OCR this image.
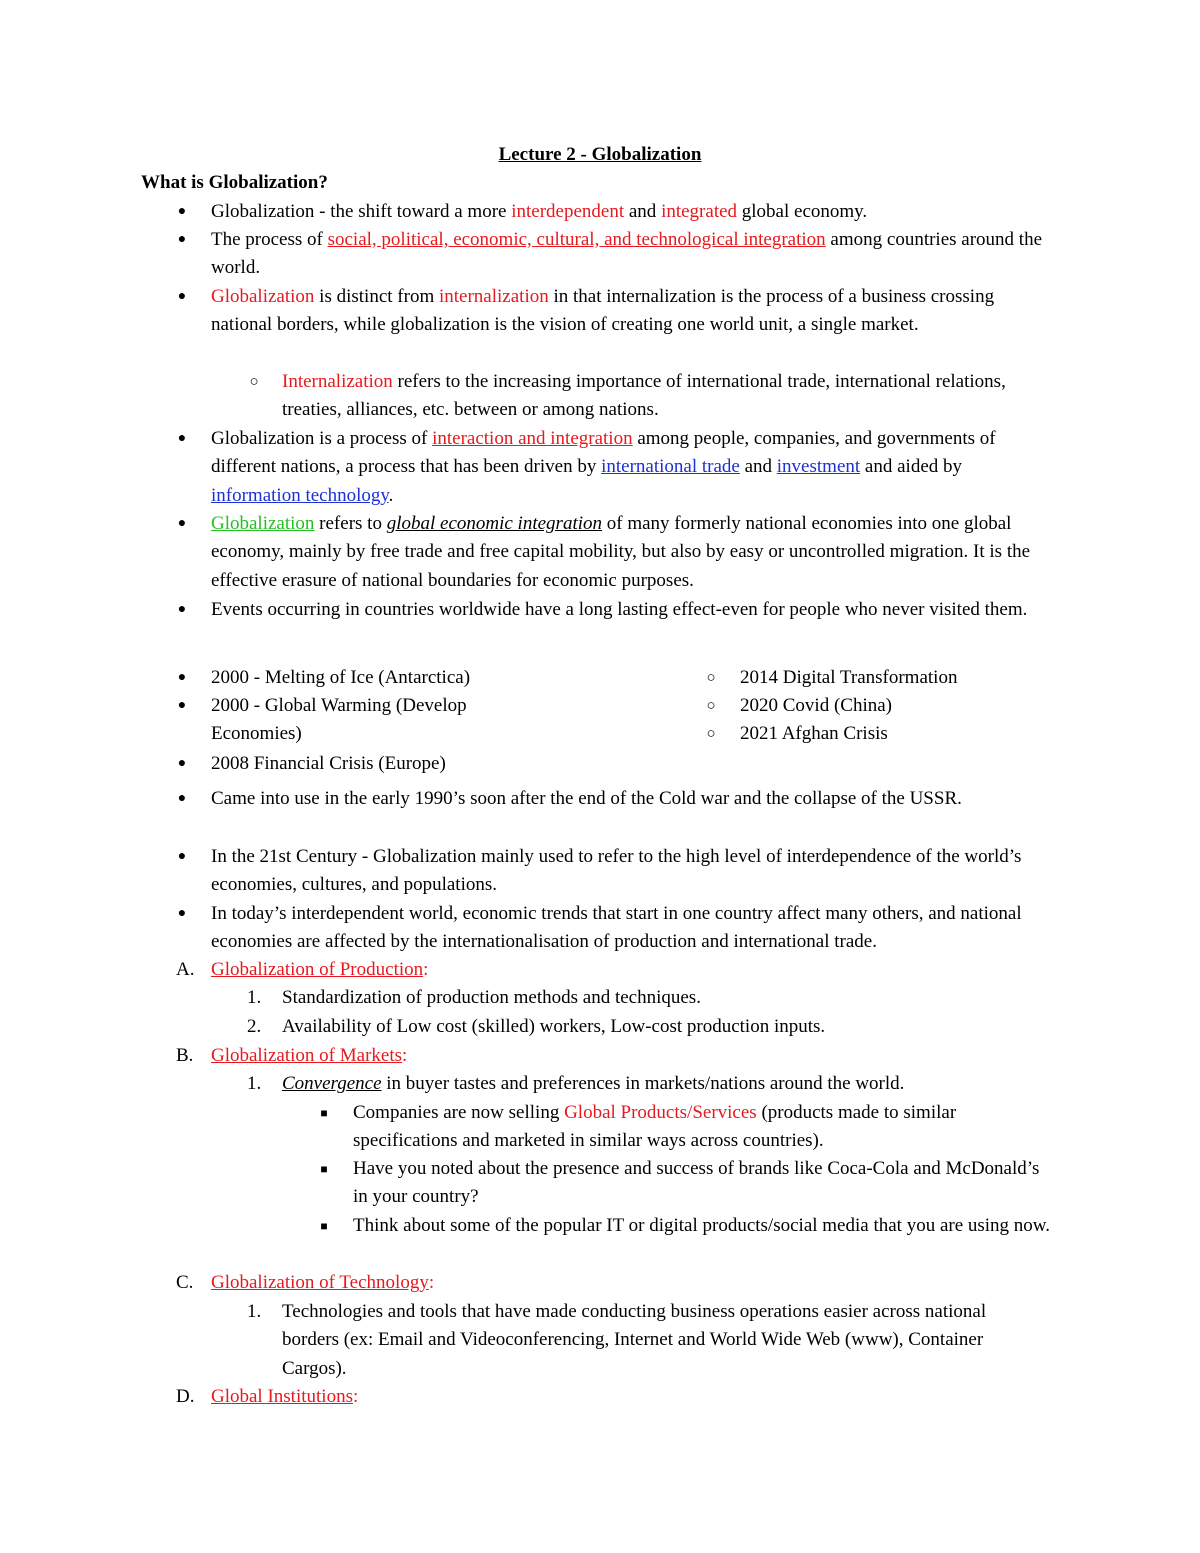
Lecture 2 - Globalization
What is Globalization?
●	Globalization - the shift toward a more interdependent and integrated global economy.
●	The process of social, political, economic, cultural, and technological integration among countries around the world.
●	Globalization is distinct from internalization in that internalization is the process of a business crossing national borders, while globalization is the vision of creating one world unit, a single market.
○ Internalization refers to the increasing importance of international trade, international relations, treaties, alliances, etc. between or among nations.
●	Globalization is a process of interaction and integration among people, companies, and governments of different nations, a process that has been driven by international trade and investment and aided by information technology.
●	Globalization refers to global economic integration of many formerly national economies into one global economy, mainly by free trade and free capital mobility, but also by easy or uncontrolled migration. It is the effective erasure of national boundaries for economic purposes.
●	Events occurring in countries worldwide have a long lasting effect-even for people who never visited them.
●	2000 - Melting of Ice (Antarctica)
●	2000 - Global Warming (Develop Economies)
●	2008 Financial Crisis (Europe)
○ 2014 Digital Transformation
○ 2020 Covid (China)
○ 2021 Afghan Crisis
●	Came into use in the early 1990’s soon after the end of the Cold war and the collapse of the USSR.
●	In the 21st Century - Globalization mainly used to refer to the high level of interdependence of the world’s economies, cultures, and populations.
●	In today’s interdependent world, economic trends that start in one country affect many others, and national economies are affected by the internationalisation of production and international trade.
A. Globalization of Production:
1. Standardization of production methods and techniques.
2. Availability of Low cost (skilled) workers, Low-cost production inputs.
B. Globalization of Markets:
1. Convergence in buyer tastes and preferences in markets/nations around the world.
■	Companies are now selling Global Products/Services (products made to similar specifications and marketed in similar ways across countries).
■	Have you noted about the presence and success of brands like Coca-Cola and McDonald’s in your country?
■	Think about some of the popular IT or digital products/social media that you are using now.
C. Globalization of Technology:
1. Technologies and tools that have made conducting business operations easier across national borders (ex: Email and Videoconferencing, Internet and World Wide Web (www), Container Cargos).
D. Global Institutions:
